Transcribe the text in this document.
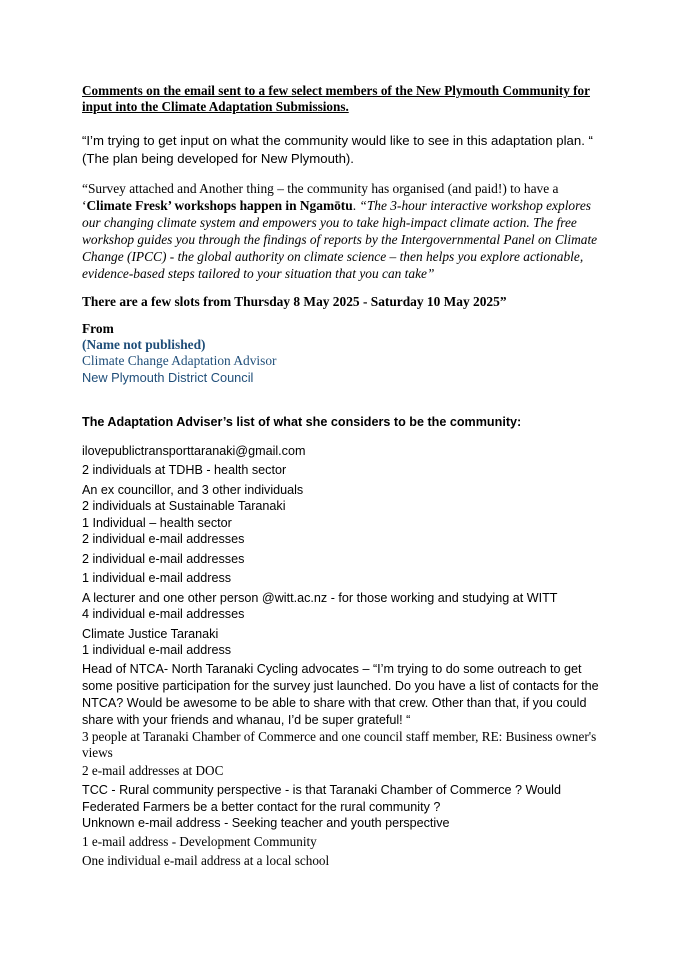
Comments on the email sent to a few select members of the New Plymouth Community for input into the Climate Adaptation Submissions.
“I’m trying to get input on what the community would like to see in this adaptation plan. “ (The plan being developed for New Plymouth).
“Survey attached and Another thing – the community has organised (and paid!) to have a ‘Climate Fresk’ workshops happen in Ngamōtu. “The 3-hour interactive workshop explores our changing climate system and empowers you to take high-impact climate action. The free workshop guides you through the findings of reports by the Intergovernmental Panel on Climate Change (IPCC) - the global authority on climate science – then helps you explore actionable, evidence-based steps tailored to your situation that you can take”
There are a few slots from Thursday 8 May 2025 - Saturday 10 May 2025”
From
(Name not published)
Climate Change Adaptation Advisor
New Plymouth District Council
The Adaptation Adviser’s list of what she considers to be the community:
ilovepublictransporttaranaki@gmail.com
2 individuals at TDHB - health sector
An ex councillor, and 3 other individuals
2 individuals at Sustainable Taranaki
1 Individual – health sector
2 individual e-mail addresses
2 individual e-mail addresses
1 individual e-mail address
A lecturer and one other person @witt.ac.nz - for those working and studying at WITT
4 individual e-mail addresses
Climate Justice Taranaki
1 individual e-mail address
Head of NTCA- North Taranaki Cycling advocates – “I’m trying to do some outreach to get some positive participation for the survey just launched. Do you have a list of contacts for the NTCA? Would be awesome to be able to share with that crew. Other than that, if you could share with your friends and whanau, I’d be super grateful! “
3 people at Taranaki Chamber of Commerce and one council staff member, RE: Business owner's views
2 e-mail addresses at DOC
TCC - Rural community perspective - is that Taranaki Chamber of Commerce ? Would Federated Farmers be a better contact for the rural community ?
Unknown e-mail address - Seeking teacher and youth perspective
1 e-mail address - Development Community
One individual e-mail address at a local school
